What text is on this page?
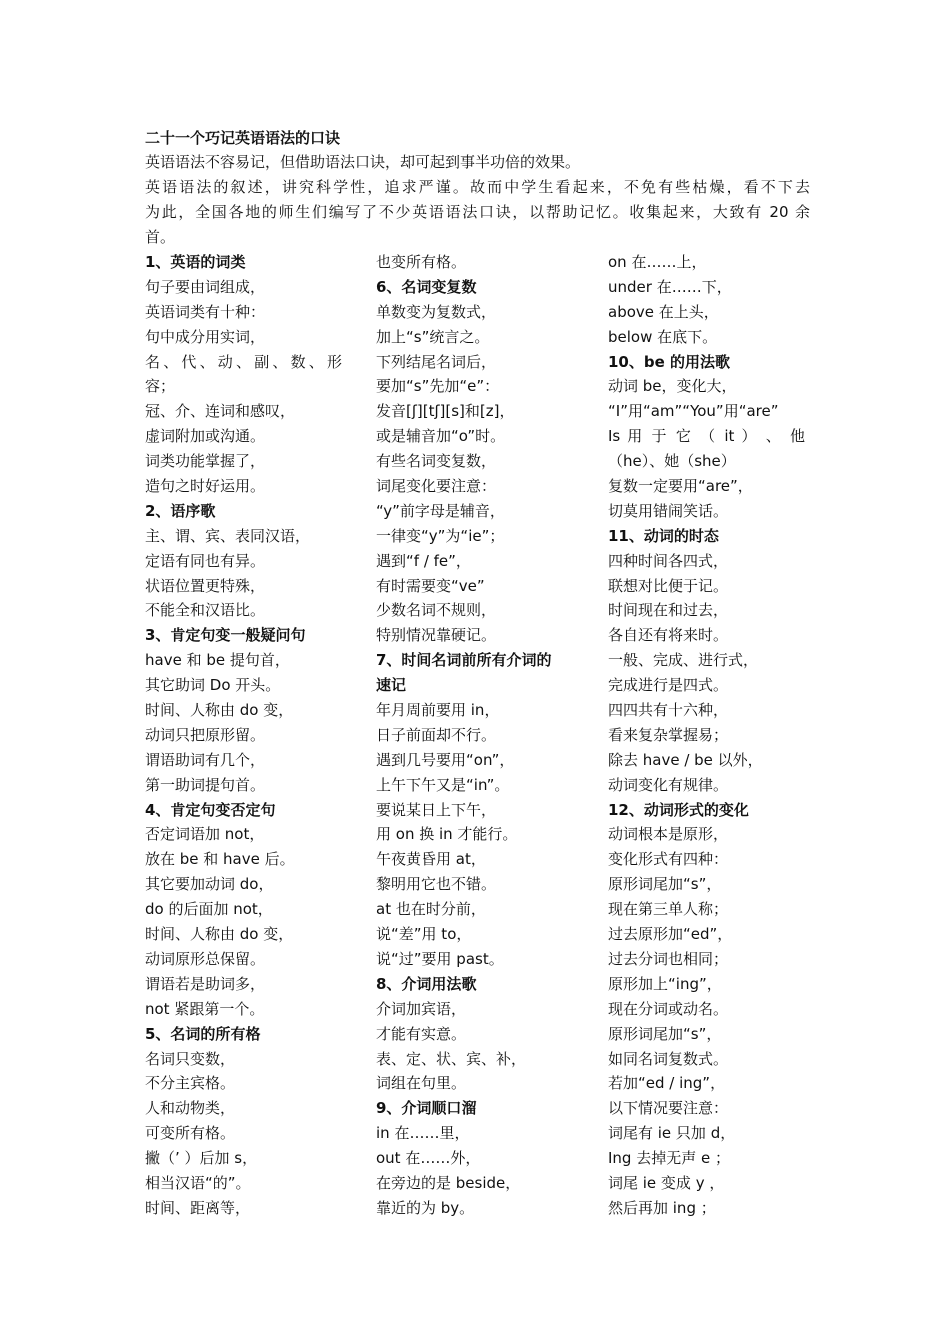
二十一个巧记英语语法的口诀

英语语法不容易记，但借助语法口诀，却可起到事半功倍的效果。

英语语法的叙述，讲究科学性，追求严谨。故而中学生看起来，不免有些枯燥，看不下去

为此，全国各地的师生们编写了不少英语语法口诀，以帮助记忆。收集起来，大致有 20 余

首。

1、英语的词类
句子要由词组成，
英语词类有十种：
句中成分用实词，
名、代、动、副、数、形
容；
冠、介、连词和感叹，
虚词附加或沟通。
词类功能掌握了，
造句之时好运用。
2、语序歌
主、谓、宾、表同汉语，
定语有同也有异。
状语位置更特殊，
不能全和汉语比。
3、肯定句变一般疑问句
have 和 be 提句首，
其它助词 Do 开头。
时间、人称由 do 变，
动词只把原形留。
谓语助词有几个，
第一助词提句首。
4、肯定句变否定句
否定词语加 not，
放在 be 和 have 后。
其它要加动词 do，
do 的后面加 not，
时间、人称由 do 变，
动词原形总保留。
谓语若是助词多，
not 紧跟第一个。
5、名词的所有格
名词只变数，
不分主宾格。
人和动物类，
可变所有格。
撇（’ ）后加 s，
相当汉语“的”。
时间、距离等，
也变所有格。
6、名词变复数
单数变为复数式，
加上“s”统言之。
下列结尾名词后，
要加“s”先加“e”：
发音[ʃ][tʃ][s]和[z]，
或是辅音加“o”时。
有些名词变复数，
词尾变化要注意：
“y”前字母是辅音，
一律变“y”为“ie”；
遇到“f / fe”，
有时需要变“ve”
少数名词不规则，
特别情况靠硬记。
7、时间名词前所有介词的
速记
年月周前要用 in，
日子前面却不行。
遇到几号要用“on”，
上午下午又是“in”。
要说某日上下午，
用 on 换 in 才能行。
午夜黄昏用 at，
黎明用它也不错。
at 也在时分前，
说“差”用 to，
说“过”要用 past。
8、介词用法歌
介词加宾语，
才能有实意。
表、定、状、宾、补，
词组在句里。
9、介词顺口溜
in 在……里，
out 在……外，
在旁边的是 beside，
靠近的为 by。
on 在……上，
under 在……下，
above 在上头，
below 在底下。
10、be 的用法歌
动词 be，变化大，
“I”用“am”“You”用“are”
Is 用 于 它 （ it ） 、 他
（he）、她（she）
复数一定要用“are”，
切莫用错闹笑话。
11、动词的时态
四种时间各四式，
联想对比便于记。
时间现在和过去，
各自还有将来时。
一般、完成、进行式，
完成进行是四式。
四四共有十六种，
看来复杂掌握易；
除去 have / be 以外，
动词变化有规律。
12、动词形式的变化
动词根本是原形，
变化形式有四种：
原形词尾加“s”，
现在第三单人称；
过去原形加“ed”，
过去分词也相同；
原形加上“ing”，
现在分词或动名。
原形词尾加“s”，
如同名词复数式。
若加“ed / ing”，
以下情况要注意：
词尾有 ie 只加 d，
Ing 去掉无声 e ；
词尾 ie 变成 y ，
然后再加 ing ；
